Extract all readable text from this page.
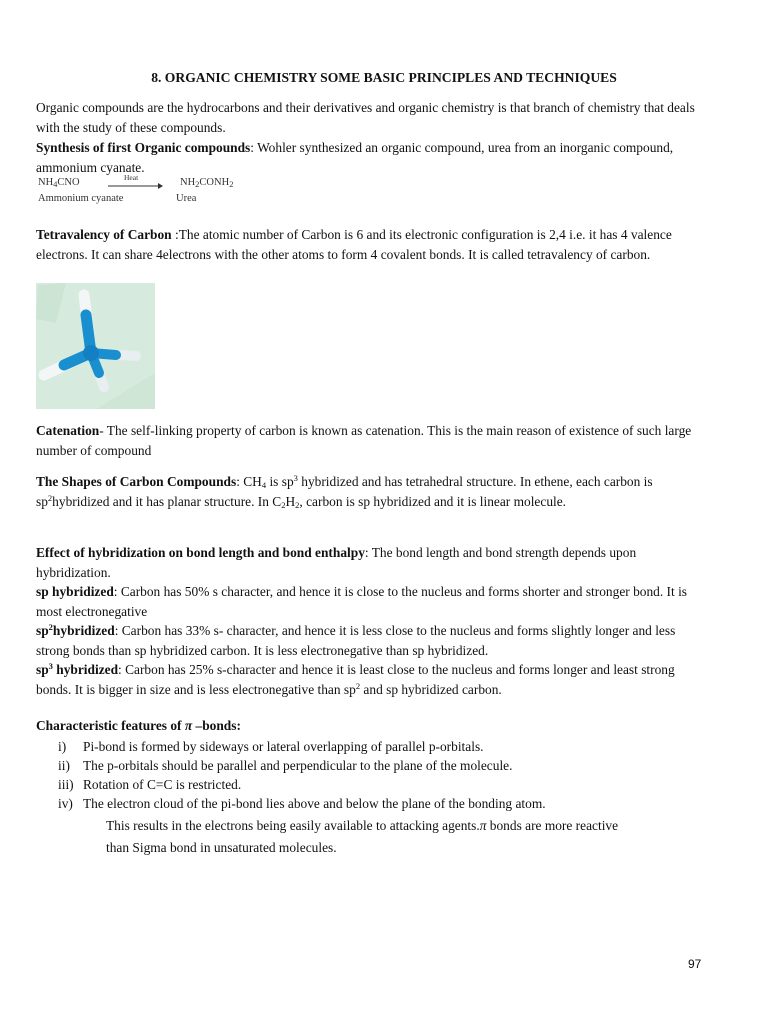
8. ORGANIC CHEMISTRY SOME BASIC PRINCIPLES AND TECHNIQUES
Organic compounds are the hydrocarbons and their derivatives and organic chemistry is that branch of chemistry that deals with the study of these compounds.
Synthesis of first Organic compounds: Wohler synthesized an organic compound, urea from an inorganic compound, ammonium cyanate.
$NH_4CNO$	Heat	$NH_2CONH_2$
Ammonium cyanate	Urea
Tetravalency of Carbon :The atomic number of Carbon is 6 and its electronic configuration is 2,4 i.e. it has 4 valence electrons. It can share 4electrons with the other atoms to form 4 covalent bonds. It is called tetravalency of carbon.
Catenation- The self-linking property of carbon is known as catenation. This is the main reason of existence of such large number of compound
The Shapes of Carbon Compounds: $CH_4$ is $sp^3$ hybridized and has tetrahedral structure. In ethene, each carbon is $sp^2hybridized$ and it has planar structure. In $C_2H_2$, carbon is sp hybridized and it is linear molecule.
Effect of hybridization on bond length and bond enthalpy: The bond length and bond strength depends upon hybridization.
sp hybridized: Carbon has 50% s character, and hence it is close to the nucleus and forms shorter and stronger bond. It is most electronegative
$sp^2hybridized$: Carbon has 33% s- character, and hence it is less close to the nucleus and forms slightly longer and less strong bonds than sp hybridized carbon. It is less electronegative than sp hybridized.
$sp^3$ hybridized: Carbon has 25% s-character and hence it is least close to the nucleus and forms longer and least strong bonds. It is bigger in size and is less electronegative than $sp^2$ and sp hybridized carbon.
Characteristic features of π –bonds:
i) Pi-bond is formed by sideways or lateral overlapping of parallel p-orbitals.
ii) The p-orbitals should be parallel and perpendicular to the plane of the molecule.
iii) Rotation of C=C is restricted.
iv) The electron cloud of the pi-bond lies above and below the plane of the bonding atom.
This results in the electrons being easily available to attacking agents.π bonds are more reactive
than Sigma bond in unsaturated molecules.
97
